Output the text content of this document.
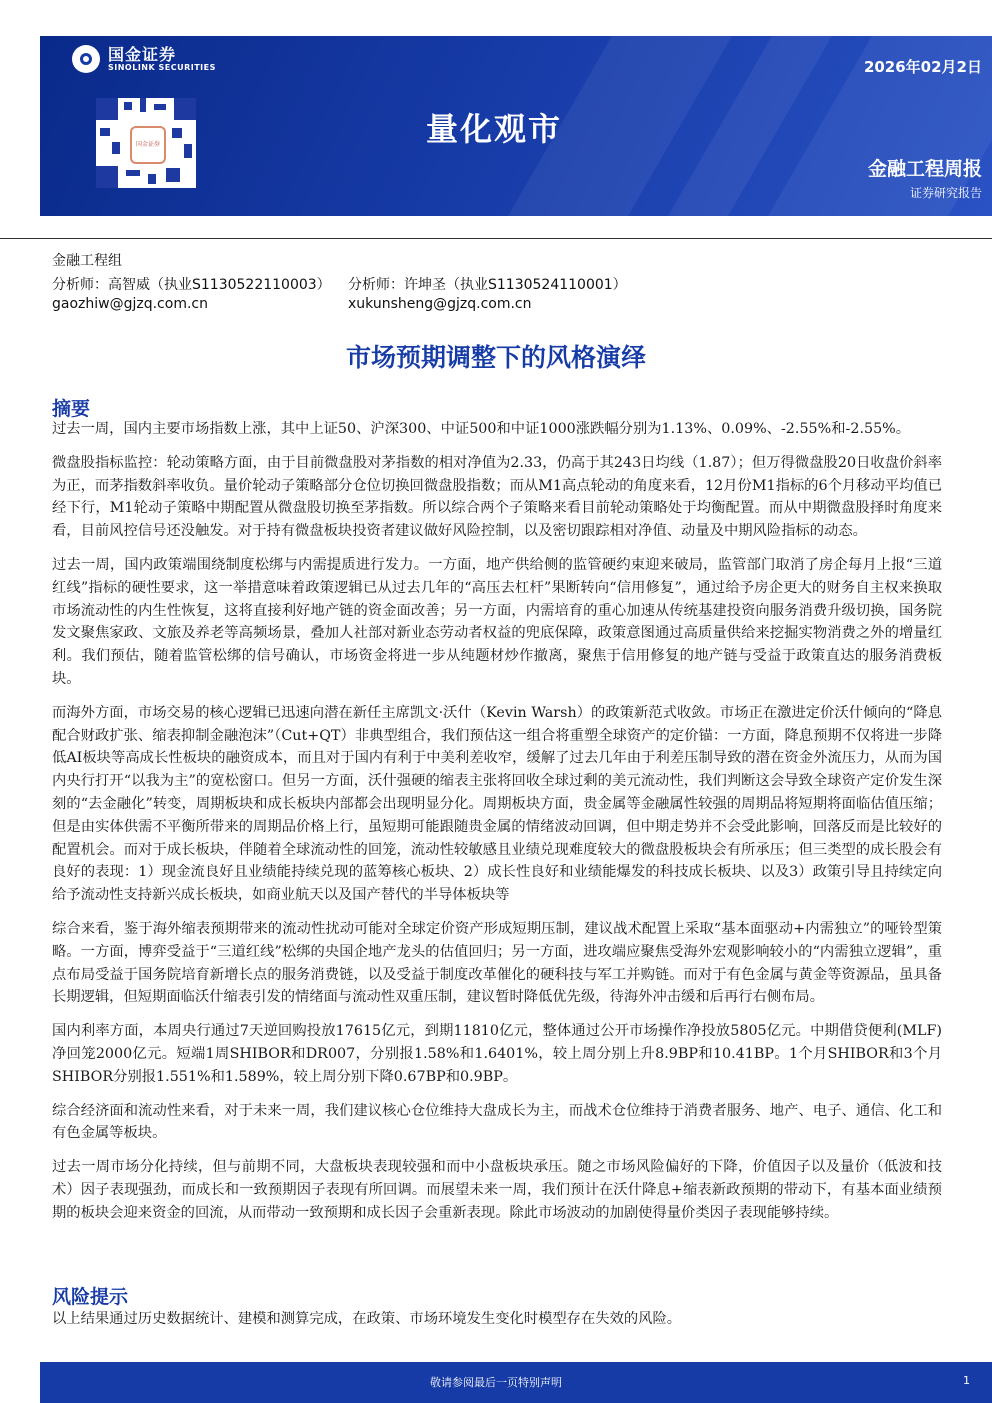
国金证券
SINOLINK SECURITIES
国金证券
2026年02月2日
量化观市
金融工程周报
证券研究报告
金融工程组
分析师：高智威（执业S1130522110003） 分析师：许坤圣（执业S1130524110001）
gaozhiw@gjzq.com.cn	xukunsheng@gjzq.com.cn
市场预期调整下的风格演绎
摘要

过去一周，国内主要市场指数上涨，其中上证50、沪深300、中证500和中证1000涨跌幅分别为1.13%、0.09%、-2.55%和-2.55%。

微盘股指标监控：轮动策略方面，由于目前微盘股对茅指数的相对净值为2.33，仍高于其243日均线（1.87）；但万得微盘股20日收盘价斜率为正，而茅指数斜率收负。量价轮动子策略部分仓位切换回微盘股指数；而从M1高点轮动的角度来看，12月份M1指标的6个月移动平均值已经下行，M1轮动子策略中期配置从微盘股切换至茅指数。所以综合两个子策略来看目前轮动策略处于均衡配置。而从中期微盘股择时角度来看，目前风控信号还没触发。对于持有微盘板块投资者建议做好风险控制，以及密切跟踪相对净值、动量及中期风险指标的动态。

过去一周，国内政策端围绕制度松绑与内需提质进行发力。一方面，地产供给侧的监管硬约束迎来破局，监管部门取消了房企每月上报“三道红线”指标的硬性要求，这一举措意味着政策逻辑已从过去几年的“高压去杠杆”果断转向“信用修复”，通过给予房企更大的财务自主权来换取市场流动性的内生性恢复，这将直接利好地产链的资金面改善；另一方面，内需培育的重心加速从传统基建投资向服务消费升级切换，国务院发文聚焦家政、文旅及养老等高频场景，叠加人社部对新业态劳动者权益的兜底保障，政策意图通过高质量供给来挖掘实物消费之外的增量红利。我们预估，随着监管松绑的信号确认，市场资金将进一步从纯题材炒作撤离，聚焦于信用修复的地产链与受益于政策直达的服务消费板块。

而海外方面，市场交易的核心逻辑已迅速向潜在新任主席凯文·沃什（Kevin Warsh）的政策新范式收敛。市场正在激进定价沃什倾向的“降息配合财政扩张、缩表抑制金融泡沫”（Cut+QT）非典型组合，我们预估这一组合将重塑全球资产的定价锚：一方面，降息预期不仅将进一步降低AI板块等高成长性板块的融资成本，而且对于国内有利于中美利差收窄，缓解了过去几年由于利差压制导致的潜在资金外流压力，从而为国内央行打开“以我为主”的宽松窗口。但另一方面，沃什强硬的缩表主张将回收全球过剩的美元流动性，我们判断这会导致全球资产定价发生深刻的“去金融化”转变，周期板块和成长板块内部都会出现明显分化。周期板块方面，贵金属等金融属性较强的周期品将短期将面临估值压缩；但是由实体供需不平衡所带来的周期品价格上行，虽短期可能跟随贵金属的情绪波动回调，但中期走势并不会受此影响，回落反而是比较好的配置机会。而对于成长板块，伴随着全球流动性的回笼，流动性较敏感且业绩兑现难度较大的微盘股板块会有所承压；但三类型的成长股会有良好的表现：1）现金流良好且业绩能持续兑现的蓝筹核心板块、2）成长性良好和业绩能爆发的科技成长板块、以及3）政策引导且持续定向给予流动性支持新兴成长板块，如商业航天以及国产替代的半导体板块等

综合来看，鉴于海外缩表预期带来的流动性扰动可能对全球定价资产形成短期压制，建议战术配置上采取“基本面驱动+内需独立”的哑铃型策略。一方面，博弈受益于“三道红线”松绑的央国企地产龙头的估值回归；另一方面，进攻端应聚焦受海外宏观影响较小的“内需独立逻辑”，重点布局受益于国务院培育新增长点的服务消费链，以及受益于制度改革催化的硬科技与军工并购链。而对于有色金属与黄金等资源品，虽具备长期逻辑，但短期面临沃什缩表引发的情绪面与流动性双重压制，建议暂时降低优先级，待海外冲击缓和后再行右侧布局。

国内利率方面，本周央行通过7天逆回购投放17615亿元，到期11810亿元，整体通过公开市场操作净投放5805亿元。中期借贷便利(MLF)净回笼2000亿元。短端1周SHIBOR和DR007，分别报1.58%和1.6401%，较上周分别上升8.9BP和10.41BP。1个月SHIBOR和3个月SHIBOR分别报1.551%和1.589%，较上周分别下降0.67BP和0.9BP。

综合经济面和流动性来看，对于未来一周，我们建议核心仓位维持大盘成长为主，而战术仓位维持于消费者服务、地产、电子、通信、化工和有色金属等板块。

过去一周市场分化持续，但与前期不同，大盘板块表现较强和而中小盘板块承压。随之市场风险偏好的下降，价值因子以及量价（低波和技术）因子表现强劲，而成长和一致预期因子表现有所回调。而展望未来一周，我们预计在沃什降息+缩表新政预期的带动下，有基本面业绩预期的板块会迎来资金的回流，从而带动一致预期和成长因子会重新表现。除此市场波动的加剧使得量价类因子表现能够持续。

风险提示

以上结果通过历史数据统计、建模和测算完成，在政策、市场环境发生变化时模型存在失效的风险。

敬请参阅最后一页特别声明	1
